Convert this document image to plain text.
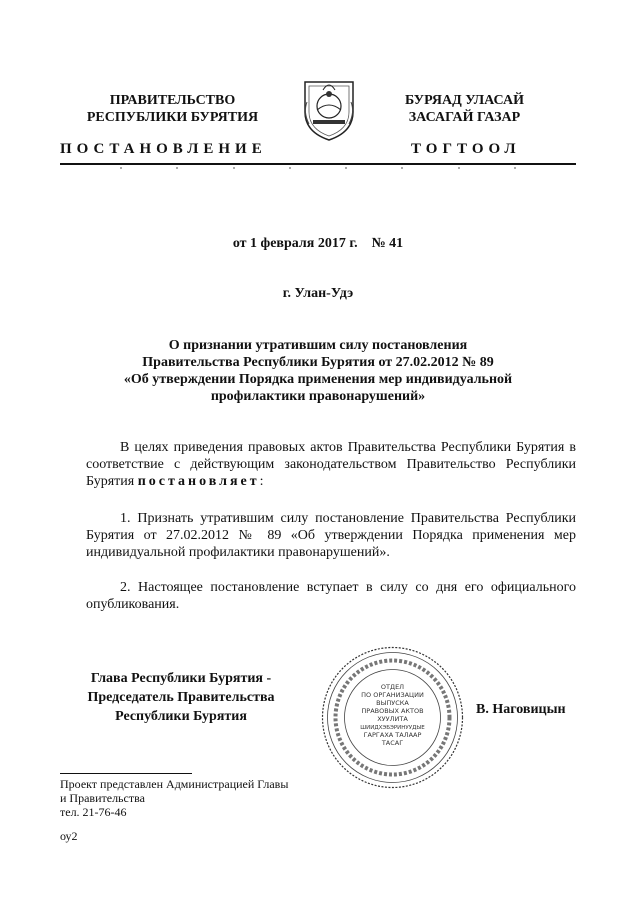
ПРАВИТЕЛЬСТВО
РЕСПУБЛИКИ БУРЯТИЯ
БУРЯАД УЛАСАЙ
ЗАСАГАЙ ГАЗАР
ПОСТАНОВЛЕНИЕ	ТОГТООЛ
от 1 февраля 2017 г.    № 41
г. Улан-Удэ
О признании утратившим силу постановления
Правительства Республики Бурятия от 27.02.2012 № 89
«Об утверждении Порядка применения мер индивидуальной
профилактики правонарушений»
В целях приведения правовых актов Правительства Республики Бурятия в соответствие с действующим законодательством Правительство Республики Бурятия постановляет:
1. Признать утратившим силу постановление Правительства Республики Бурятия от 27.02.2012 № 89 «Об утверждении Порядка применения мер индивидуальной профилактики правонарушений».
2. Настоящее постановление вступает в силу со дня его официального опубликования.
Глава Республики Бурятия -
Председатель Правительства
Республики Бурятия
ОТДЕЛ
ПО ОРГАНИЗАЦИИ
ВЫПУСКА
ПРАВОВЫХ АКТОВ
ХУУЛИТА
ШИИДХЭБЭРИНУУДЫЕ
ГАРГАХА ТАЛААР
ТАСАГ
В. Наговицын
Проект представлен Администрацией Главы
и Правительства
тел. 21-76-46
оу2
